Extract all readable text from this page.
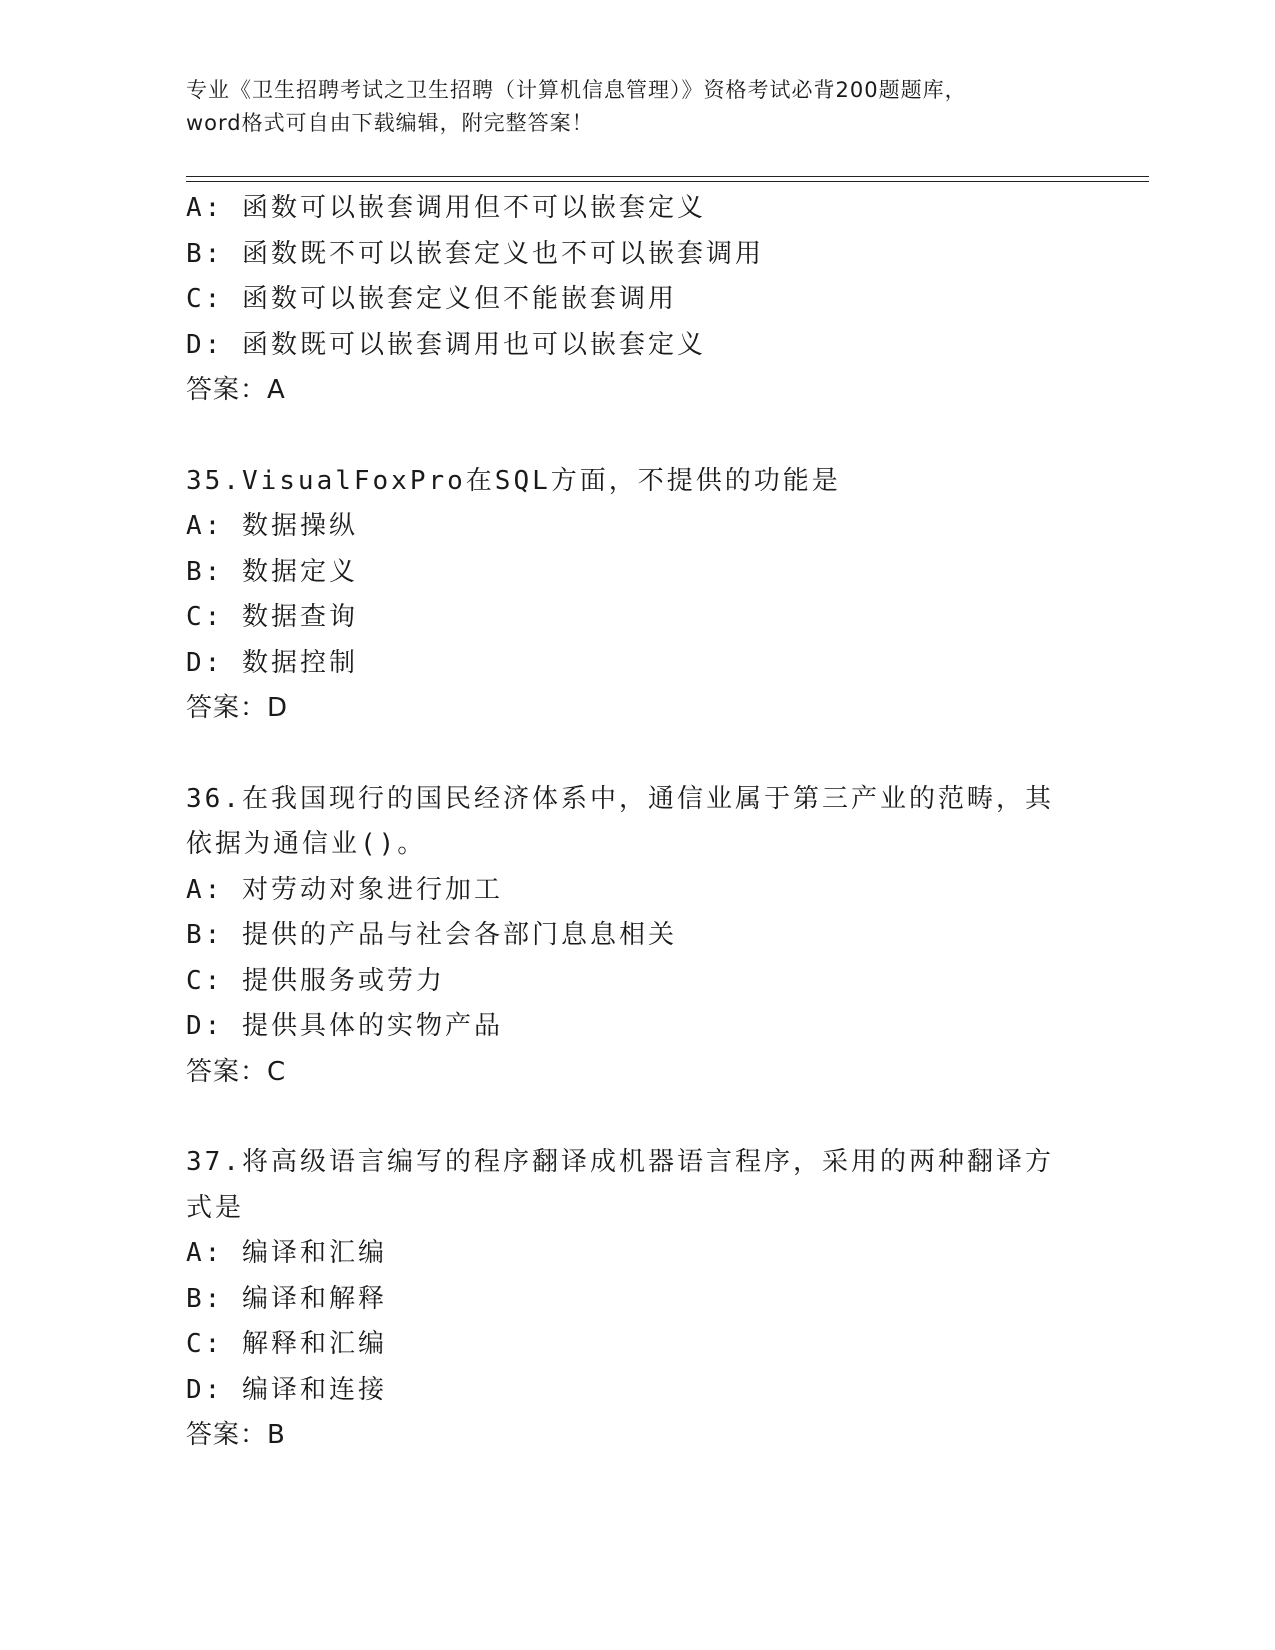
专业《卫生招聘考试之卫生招聘（计算机信息管理）》资格考试必背200题题库，
word格式可自由下载编辑，附完整答案！
A: 函数可以嵌套调用但不可以嵌套定义
B: 函数既不可以嵌套定义也不可以嵌套调用
C: 函数可以嵌套定义但不能嵌套调用
D: 函数既可以嵌套调用也可以嵌套定义
答案：A
35.VisualFoxPro在SQL方面，不提供的功能是
A: 数据操纵
B: 数据定义
C: 数据查询
D: 数据控制
答案：D
36.在我国现行的国民经济体系中，通信业属于第三产业的范畴，其依据为通信业()。
A: 对劳动对象进行加工
B: 提供的产品与社会各部门息息相关
C: 提供服务或劳力
D: 提供具体的实物产品
答案：C
37.将高级语言编写的程序翻译成机器语言程序，采用的两种翻译方式是
A: 编译和汇编
B: 编译和解释
C: 解释和汇编
D: 编译和连接
答案：B
